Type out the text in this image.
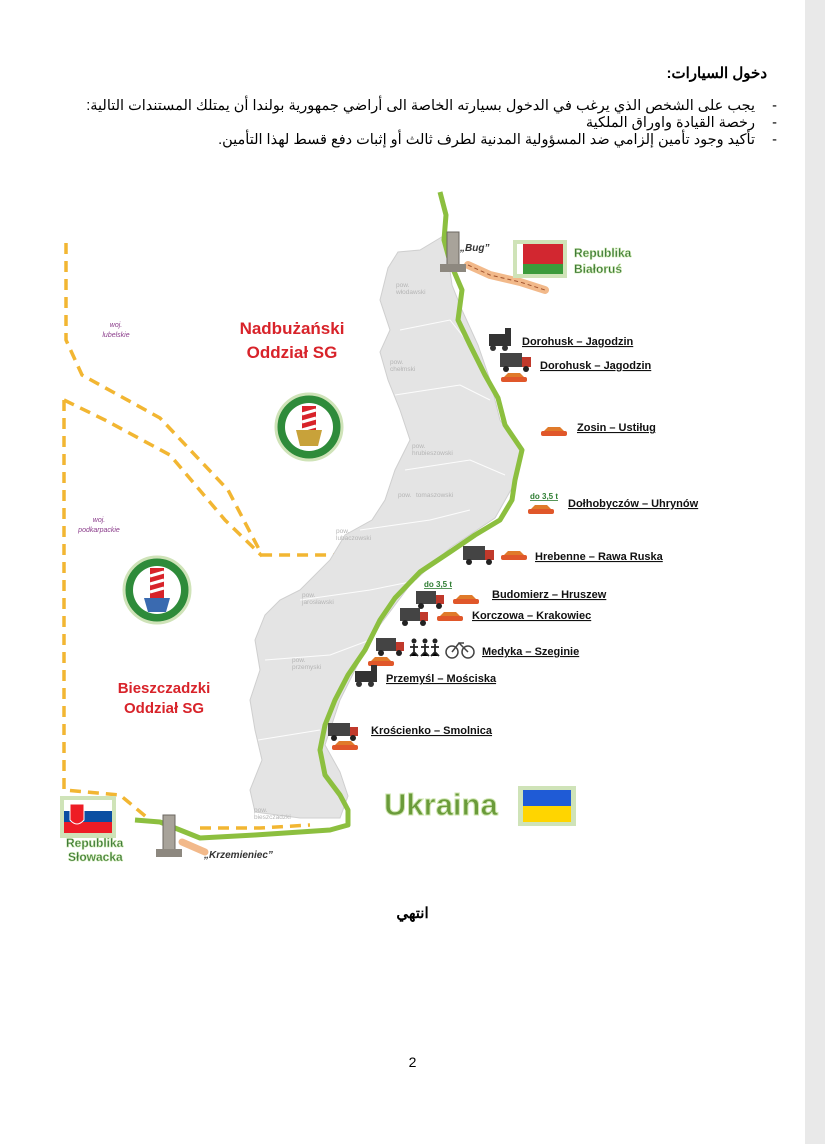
دخول السيارات:
-
يجب على الشخص الذي يرغب في الدخول بسيارته الخاصة الى أراضي جمهورية بولندا أن يمتلك المستندات التالية:
-
رخصة القيادة واوراق الملكية
-
تأكيد وجود تأمين إلزامي ضد المسؤولية المدنية لطرف ثالث أو إثبات دفع قسط لهذا التأمين.
„Bug”
„Krzemieniec”
Republika
Białoruś
Republika
Słowacka
Ukraina
Nadbużański
Oddział SG
Bieszczadzki
Oddział SG
woj.
lubelskie
woj.
podkarpackie
pow.
włodawski
pow.
chełmski
pow.
hrubieszowski
pow. tomaszowski
pow.
lubaczowski
pow.
jarosławski
pow.
przemyski
pow.
bieszczadzki
do 3,5 t
do 3,5 t
Dorohusk – Jagodzin
Dorohusk – Jagodzin
Zosin – Ustiług
Dołhobyczów – Uhrynów
Hrebenne – Rawa Ruska
Budomierz – Hruszew
Korczowa – Krakowiec
Medyka – Szeginie
Przemyśl – Mościska
Krościenko – Smolnica
انتهي
2
